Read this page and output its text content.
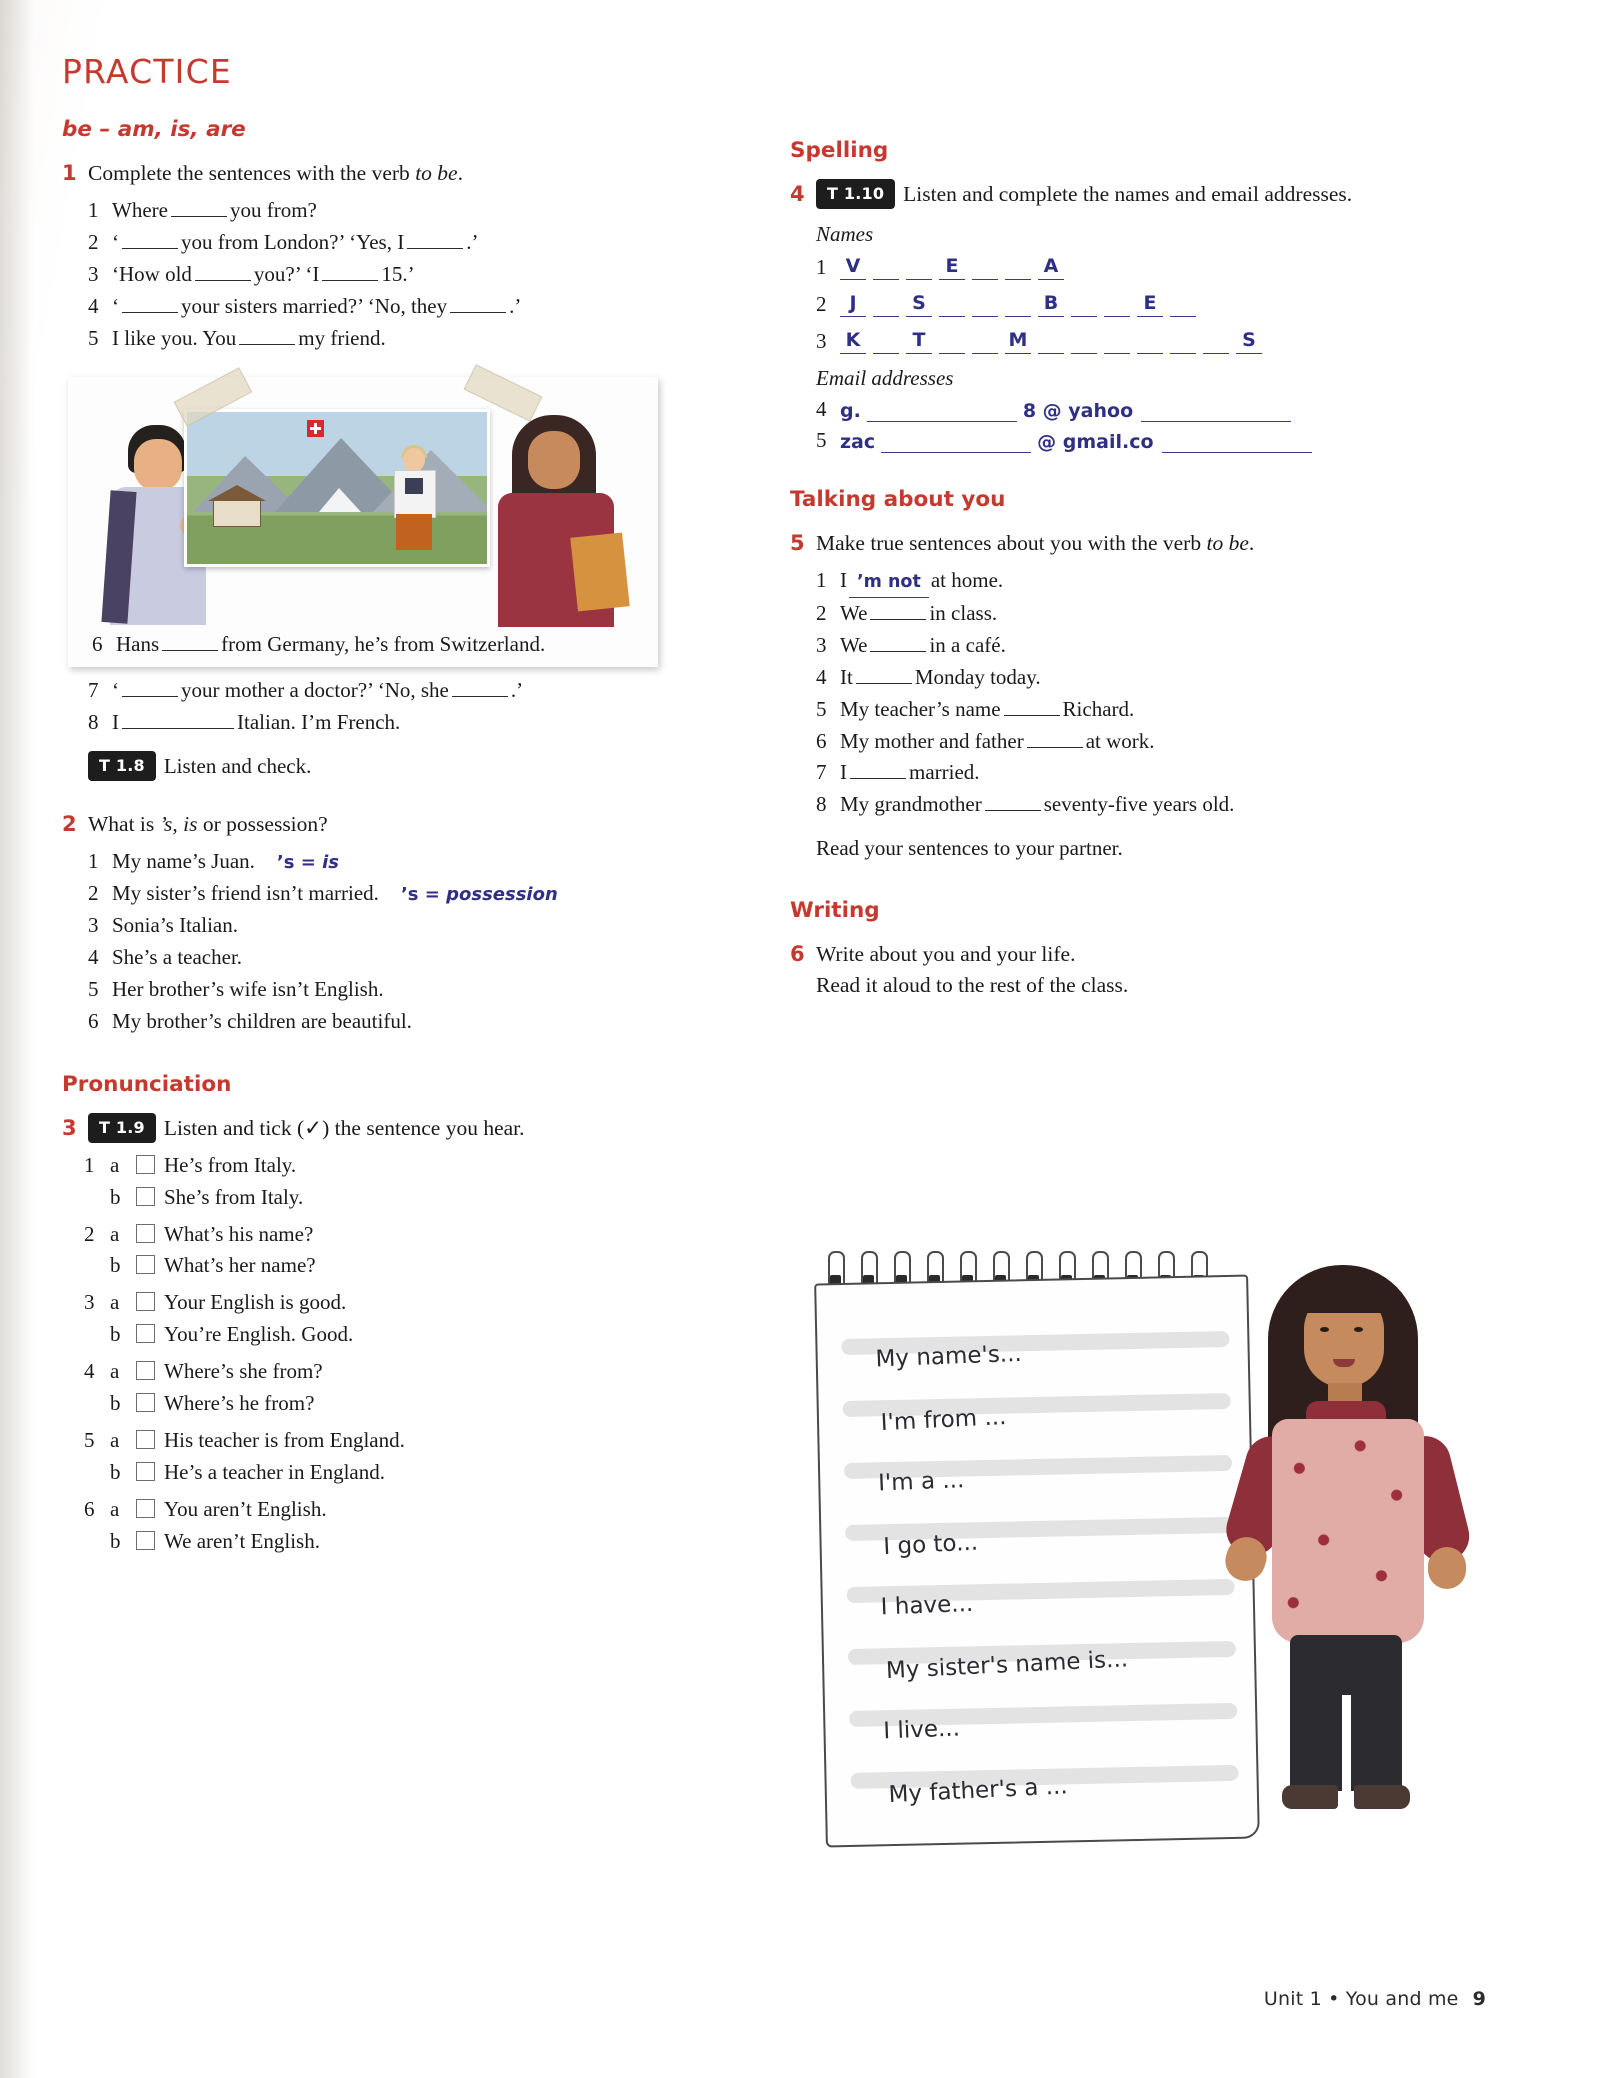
PRACTICE
be – am, is, are
1 Complete the sentences with the verb to be.
1 Where	you from?
2 ‘	you from London?’ ‘Yes, I	.’
3 ‘How old	you?’ ‘I	15.’
4 ‘	your sisters married?’ ‘No, they	.’
5 I like you. You	my friend.
6 Hans	from Germany, he’s from Switzerland.
7 ‘	your mother a doctor?’ ‘No, she	.’
8 I	Italian. I’m French.
T 1.8 Listen and check.
2 What is ’s, is or possession?
1 My name’s Juan. ’s = is
2 My sister’s friend isn’t married. ’s = possession
3 Sonia’s Italian.
4 She’s a teacher.
5 Her brother’s wife isn’t English.
6 My brother’s children are beautiful.
Pronunciation
3	T 1.9 Listen and tick (✓) the sentence you hear.
1 a	He’s from Italy.
b	She’s from Italy.
2 a	What’s his name?
b	What’s her name?
3 a	Your English is good.
b	You’re English. Good.
4 a	Where’s she from?
b	Where’s he from?
5 a	His teacher is from England.
b	He’s a teacher in England.
6 a	You aren’t English.
b	We aren’t English.
Spelling
4	T 1.10 Listen and complete the names and email addresses.
Names
1	V	E	A
2	J	S	B	E
3	K	T	M	S
Email addresses
4 g.	8 @ yahoo
5 zac	@ gmail.co
Talking about you
5 Make true sentences about you with the verb to be.
1 I ’m not at home.
2 We	in class.
3 We	in a café.
4 It	Monday today.
5 My teacher’s name	Richard.
6 My mother and father	at work.
7 I	married.
8 My grandmother	seventy-five years old.
Read your sentences to your partner.
Writing
6 Write about you and your life.
Read it aloud to the rest of the class.
My name's...
I'm from ...
I'm a ...
I go to...
I have...
My sister's name is...
I live...
My father's a ...
Unit 1 • You and me 9
